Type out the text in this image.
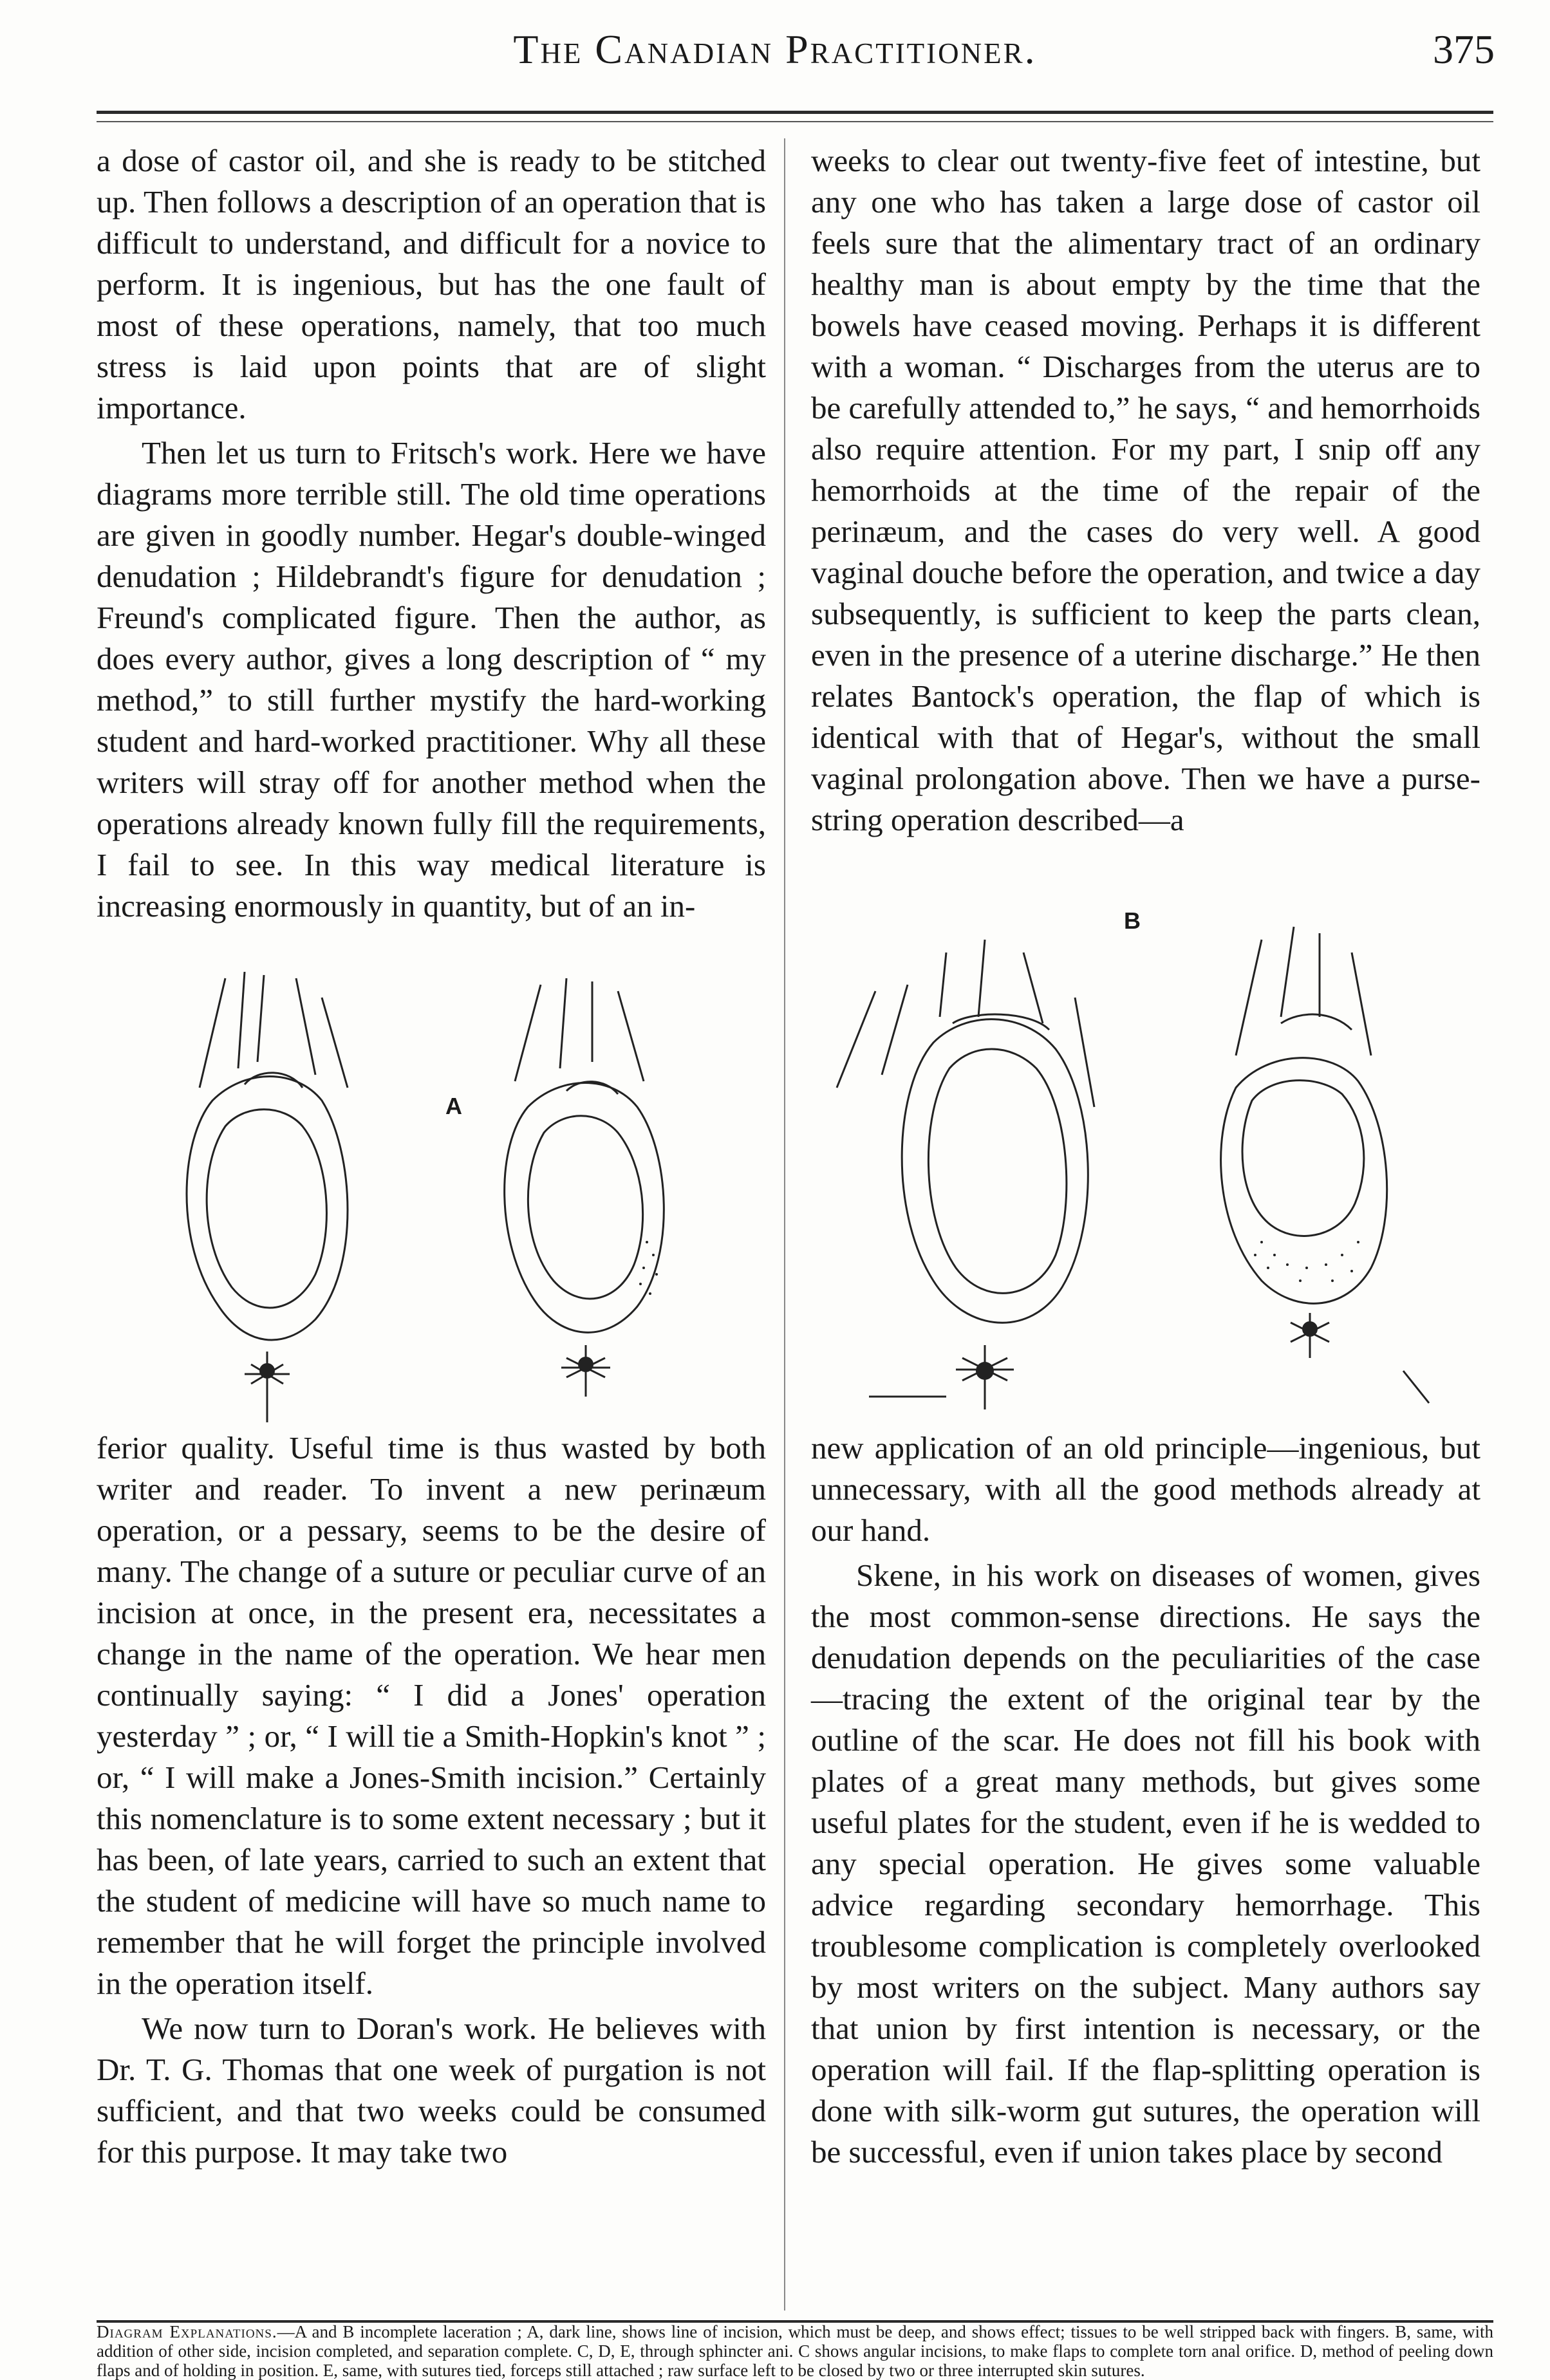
The Canadian Practitioner.	375

a dose of castor oil, and she is ready to be stitched up. Then follows a description of an operation that is difficult to understand, and difficult for a novice to perform. It is ingenious, but has the one fault of most of these operations, namely, that too much stress is laid upon points that are of slight importance.

Then let us turn to Fritsch's work. Here we have diagrams more terrible still. The old time operations are given in goodly number. Hegar's double-winged denudation ; Hildebrandt's figure for denudation ; Freund's complicated figure. Then the author, as does every author, gives a long description of “ my method,” to still further mystify the hard-working student and hard-worked practitioner. Why all these writers will stray off for another method when the operations already known fully fill the requirements, I fail to see. In this way medical literature is increasing enormously in quantity, but of an in-

weeks to clear out twenty-five feet of intestine, but any one who has taken a large dose of castor oil feels sure that the alimentary tract of an ordinary healthy man is about empty by the time that the bowels have ceased moving. Perhaps it is different with a woman. “ Discharges from the uterus are to be carefully attended to,” he says, “ and hemorrhoids also require attention. For my part, I snip off any hemorrhoids at the time of the repair of the perinæum, and the cases do very well. A good vaginal douche before the operation, and twice a day subsequently, is sufficient to keep the parts clean, even in the presence of a uterine discharge.” He then relates Bantock's operation, the flap of which is identical with that of Hegar's, without the small vaginal prolongation above. Then we have a purse-string operation described—a

A
B

ferior quality. Useful time is thus wasted by both writer and reader. To invent a new perinæum operation, or a pessary, seems to be the desire of many. The change of a suture or peculiar curve of an incision at once, in the present era, necessitates a change in the name of the operation. We hear men continually saying: “ I did a Jones' operation yesterday ” ; or, “ I will tie a Smith-Hopkin's knot ” ; or, “ I will make a Jones-Smith incision.” Certainly this nomenclature is to some extent necessary ; but it has been, of late years, carried to such an extent that the student of medicine will have so much name to remember that he will forget the principle involved in the operation itself.

We now turn to Doran's work. He believes with Dr. T. G. Thomas that one week of purgation is not sufficient, and that two weeks could be consumed for this purpose. It may take two

new application of an old principle—ingenious, but unnecessary, with all the good methods already at our hand.

Skene, in his work on diseases of women, gives the most common-sense directions. He says the denudation depends on the peculiarities of the case—tracing the extent of the original tear by the outline of the scar. He does not fill his book with plates of a great many methods, but gives some useful plates for the student, even if he is wedded to any special operation. He gives some valuable advice regarding secondary hemorrhage. This troublesome complication is completely overlooked by most writers on the subject. Many authors say that union by first intention is necessary, or the operation will fail. If the flap-splitting operation is done with silk-worm gut sutures, the operation will be successful, even if union takes place by second

Diagram Explanations.—A and B incomplete laceration ; A, dark line, shows line of incision, which must be deep, and shows effect; tissues to be well stripped back with fingers. B, same, with addition of other side, incision completed, and separation complete. C, D, E, through sphincter ani. C shows angular incisions, to make flaps to complete torn anal orifice. D, method of peeling down flaps and of holding in position. E, same, with sutures tied, forceps still attached ; raw surface left to be closed by two or three interrupted skin sutures.
